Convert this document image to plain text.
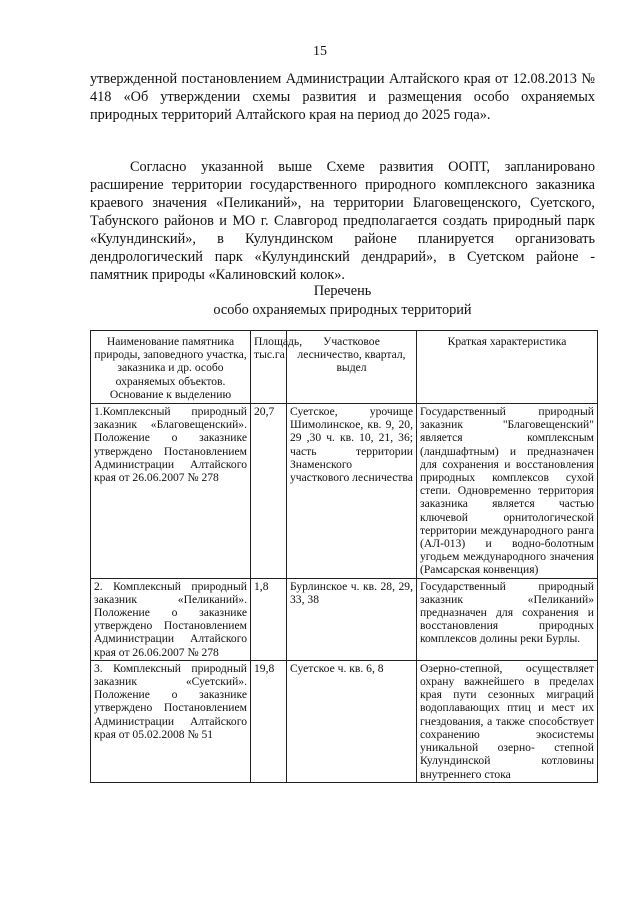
15

утвержденной постановлением Администрации Алтайского края от 12.08.2013 № 418 «Об утверждении схемы развития и размещения особо охраняемых природных территорий Алтайского края на период до 2025 года».

Согласно указанной выше Схеме развития ООПТ, запланировано расширение территории государственного природного комплексного заказника краевого значения «Пеликаний», на территории Благовещенского, Суетского, Табунского районов и МО г. Славгород предполагается создать природный парк «Кулундинский», в Кулундинском районе планируется организовать дендрологический парк «Кулундинский дендрарий», в Суетском районе - памятник природы «Калиновский колок».

Перечень
особо охраняемых природных территорий
Наименование памятника природы, заповедного участка, заказника и др. особо охраняемых объектов. Основание к выделению	Площадь, тыс.га	Участковое лесничество, квартал, выдел	Краткая характеристика
1.Комплексный природный заказник «Благовещенский». Положение о заказнике утверждено Постановлением Администрации Алтайского края от 26.06.2007 № 278	20,7	Суетское, урочище Шимолинское, кв. 9, 20, 29 ,30 ч. кв. 10, 21, 36; часть территории Знаменского участкового лесничества	Государственный природный заказник "Благовещенский" является комплексным (ландшафтным) и предназначен для сохранения и восстановления природных комплексов сухой степи. Одновременно территория заказника является частью ключевой орнитологической территории международного ранга (АЛ-013) и водно-болотным угодьем международного значения (Рамсарская конвенция)
2. Комплексный природный заказник «Пеликаний». Положение о заказнике утверждено Постановлением Администрации Алтайского края от 26.06.2007 № 278	1,8	Бурлинское ч. кв. 28, 29, 33, 38	Государственный природный заказник «Пеликаний» предназначен для сохранения и восстановления природных комплексов долины реки Бурлы.
3. Комплексный природный заказник «Суетский». Положение о заказнике утверждено Постановлением Администрации Алтайского края от 05.02.2008 № 51	19,8	Суетское ч. кв. 6, 8	Озерно-степной, осуществляет охрану важнейшего в пределах края пути сезонных миграций водоплавающих птиц и мест их гнездования, а также способствует сохранению экосистемы уникальной озерно- степной Кулундинской котловины внутреннего стока
